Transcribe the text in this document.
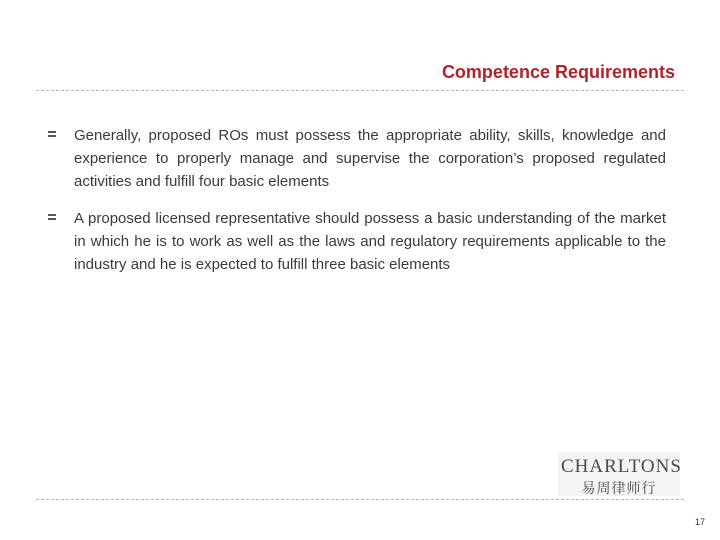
Competence Requirements

Generally, proposed ROs must possess the appropriate ability, skills, knowledge and experience to properly manage and supervise the corporation’s proposed regulated activities and fulfill four basic elements

A proposed licensed representative should possess a basic understanding of the market in which he is to work as well as the laws and regulatory requirements applicable to the industry and he is expected to fulfill three basic elements

CHARLTONS
易周律师行
17
